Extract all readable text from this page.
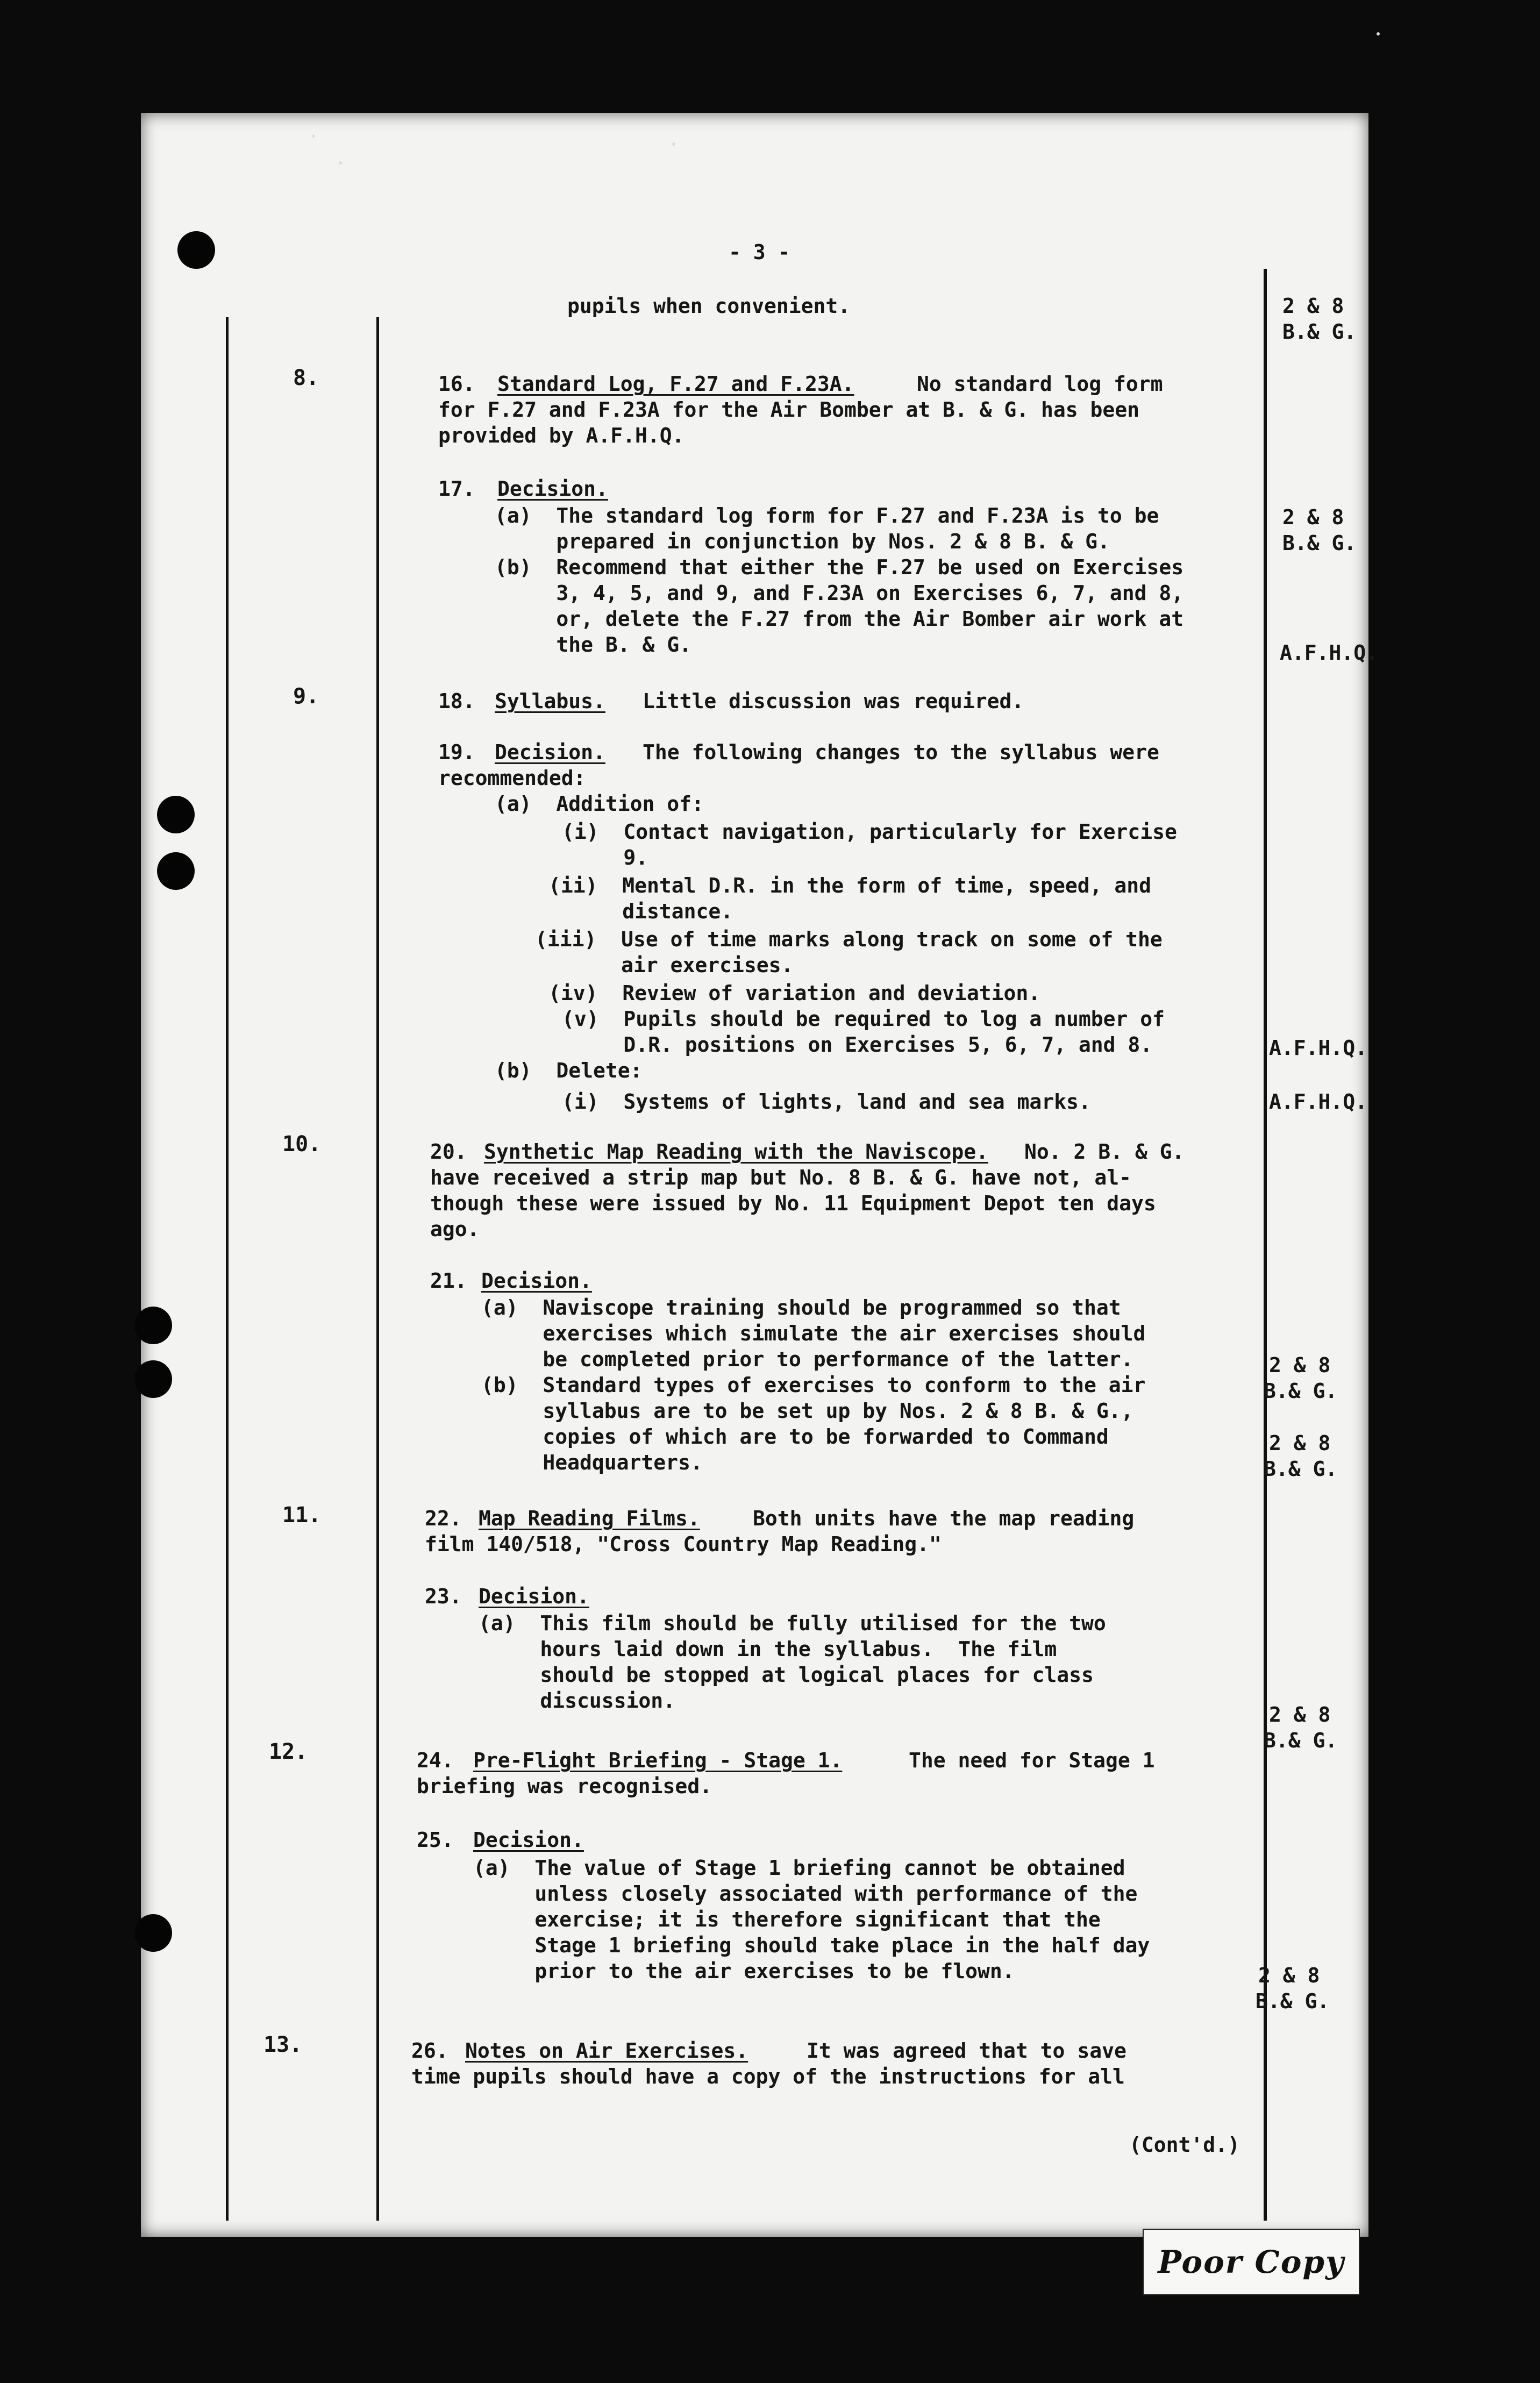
- 3 -
8.
9.
10.
11.
12.
13.
2 & 8
B.& G.
2 & 8
B.& G.
A.F.H.Q.
A.F.H.Q.
A.F.H.Q.
2 & 8
B.& G.
2 & 8
B.& G.
2 & 8
B.& G.
2 & 8
B.& G.
pupils when convenient.
16. Standard Log, F.27 and F.23A.	No standard log form
for F.27 and F.23A for the Air Bomber at B. & G. has been
provided by A.F.H.Q.
17. Decision.
(a)  The standard log form for F.27 and F.23A is to be
prepared in conjunction by Nos. 2 & 8 B. & G.
(b)  Recommend that either the F.27 be used on Exercises
3, 4, 5, and 9, and F.23A on Exercises 6, 7, and 8,
or, delete the F.27 from the Air Bomber air work at
the B. & G.
18. Syllabus. Little discussion was required.
19. Decision. The following changes to the syllabus were
recommended:
(a)  Addition of:
(i)  Contact navigation, particularly for Exercise
9.
(ii)  Mental D.R. in the form of time, speed, and
distance.
(iii)  Use of time marks along track on some of the
air exercises.
(iv)  Review of variation and deviation.
(v)  Pupils should be required to log a number of
D.R. positions on Exercises 5, 6, 7, and 8.
(b)  Delete:
(i)  Systems of lights, land and sea marks.
20. Synthetic Map Reading with the Naviscope. No. 2 B. & G.
have received a strip map but No. 8 B. & G. have not, al-
though these were issued by No. 11 Equipment Depot ten days
ago.
21. Decision.
(a)  Naviscope training should be programmed so that
exercises which simulate the air exercises should
be completed prior to performance of the latter.
(b)  Standard types of exercises to conform to the air
syllabus are to be set up by Nos. 2 & 8 B. & G.,
copies of which are to be forwarded to Command
Headquarters.
22. Map Reading Films.	Both units have the map reading
film 140/518, "Cross Country Map Reading."
23. Decision.
(a)  This film should be fully utilised for the two
hours laid down in the syllabus.  The film
should be stopped at logical places for class
discussion.
24. Pre-Flight Briefing - Stage 1.	The need for Stage 1
briefing was recognised.
25. Decision.
(a)  The value of Stage 1 briefing cannot be obtained
unless closely associated with performance of the
exercise; it is therefore significant that the
Stage 1 briefing should take place in the half day
prior to the air exercises to be flown.
26. Notes on Air Exercises.	It was agreed that to save
time pupils should have a copy of the instructions for all
(Cont'd.)
Poor Copy
